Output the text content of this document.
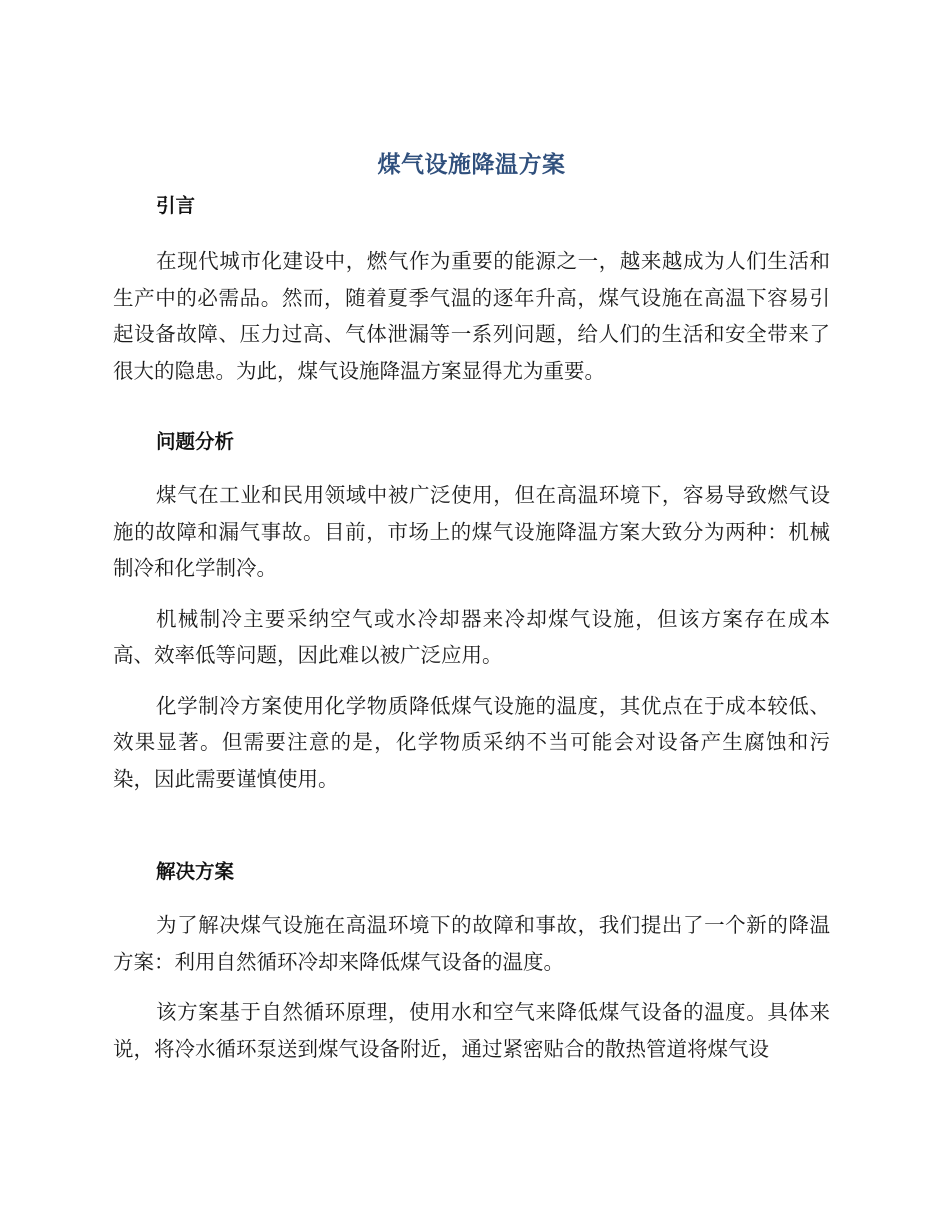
煤气设施降温方案
引言

在现代城市化建设中，燃气作为重要的能源之一，越来越成为人们生活和生产中的必需品。然而，随着夏季气温的逐年升高，煤气设施在高温下容易引起设备故障、压力过高、气体泄漏等一系列问题，给人们的生活和安全带来了很大的隐患。为此，煤气设施降温方案显得尤为重要。

问题分析

煤气在工业和民用领域中被广泛使用，但在高温环境下，容易导致燃气设施的故障和漏气事故。目前，市场上的煤气设施降温方案大致分为两种：机械制冷和化学制冷。

机械制冷主要采纳空气或水冷却器来冷却煤气设施，但该方案存在成本高、效率低等问题，因此难以被广泛应用。

化学制冷方案使用化学物质降低煤气设施的温度，其优点在于成本较低、效果显著。但需要注意的是，化学物质采纳不当可能会对设备产生腐蚀和污染，因此需要谨慎使用。

解决方案

为了解决煤气设施在高温环境下的故障和事故，我们提出了一个新的降温方案：利用自然循环冷却来降低煤气设备的温度。

该方案基于自然循环原理，使用水和空气来降低煤气设备的温度。具体来说，将冷水循环泵送到煤气设备附近，通过紧密贴合的散热管道将煤气设
